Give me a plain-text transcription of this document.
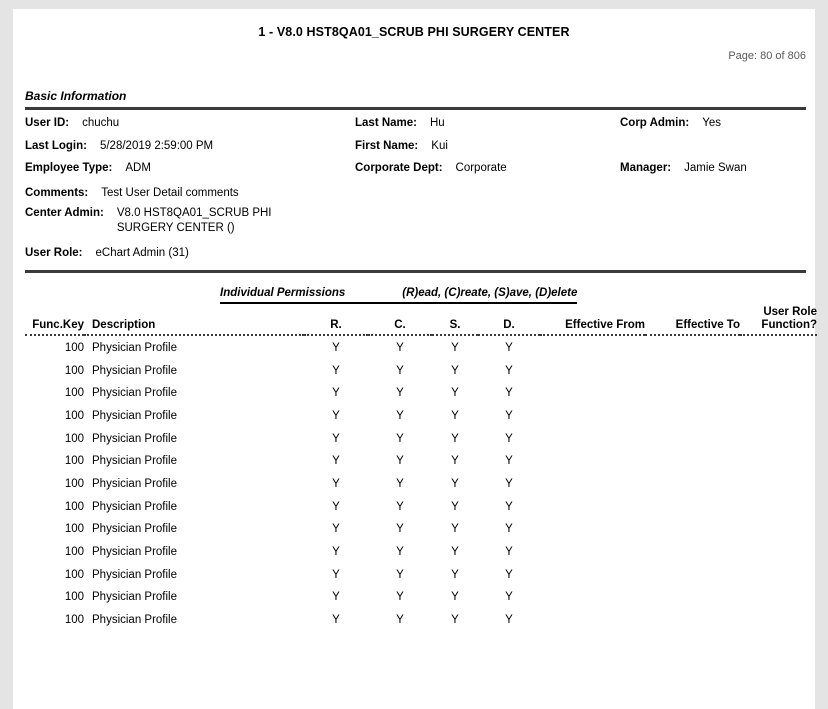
1 - V8.0 HST8QA01_SCRUB PHI SURGERY CENTER
Page: 80 of 806
Basic Information
User ID: chuchu	Last Name: Hu	Corp Admin: Yes
Last Login: 5/28/2019 2:59:00 PM	First Name: Kui
Employee Type: ADM	Corporate Dept: Corporate	Manager: Jamie Swan
Comments: Test User Detail comments
Center Admin: V8.0 HST8QA01_SCRUB PHI SURGERY CENTER ()
User Role: eChart Admin (31)
Individual Permissions	(R)ead, (C)reate, (S)ave, (D)elete
Func.Key	Description	R.	C.	S.	D.	Effective From	Effective To	User Role
Function?

100	Physician Profile	Y	Y	Y	Y			
100	Physician Profile	Y	Y	Y	Y			
100	Physician Profile	Y	Y	Y	Y			
100	Physician Profile	Y	Y	Y	Y			
100	Physician Profile	Y	Y	Y	Y			
100	Physician Profile	Y	Y	Y	Y			
100	Physician Profile	Y	Y	Y	Y			
100	Physician Profile	Y	Y	Y	Y			
100	Physician Profile	Y	Y	Y	Y			
100	Physician Profile	Y	Y	Y	Y			
100	Physician Profile	Y	Y	Y	Y			
100	Physician Profile	Y	Y	Y	Y			
100	Physician Profile	Y	Y	Y	Y			
